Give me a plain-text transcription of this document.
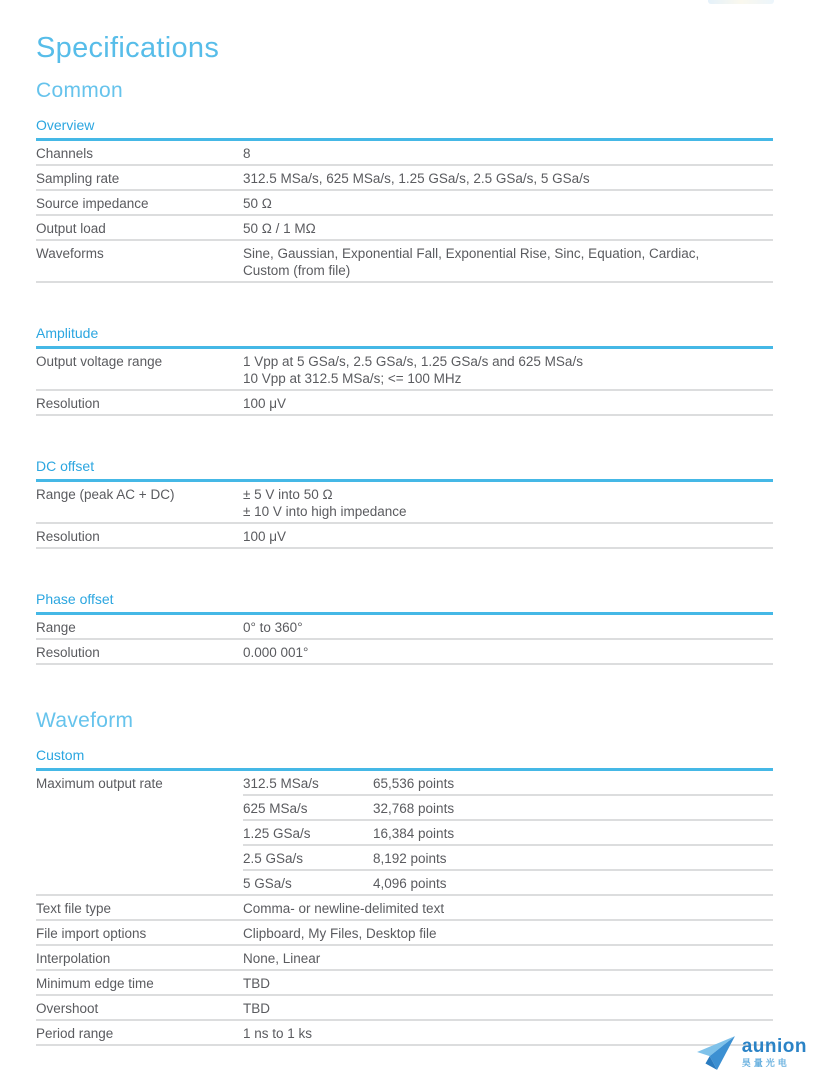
Specifications
Common
Overview
Channels	8
Sampling rate	312.5 MSa/s, 625 MSa/s, 1.25 GSa/s, 2.5 GSa/s, 5 GSa/s
Source impedance	50 Ω
Output load	50 Ω / 1 MΩ
Waveforms	Sine, Gaussian, Exponential Fall, Exponential Rise, Sinc, Equation, Cardiac,
Custom (from file)
Amplitude
Output voltage range	1 Vpp at 5 GSa/s, 2.5 GSa/s, 1.25 GSa/s and 625 MSa/s
10 Vpp at 312.5 MSa/s; <= 100 MHz
Resolution	100 μV
DC offset
Range (peak AC + DC)	± 5 V into 50 Ω
± 10 V into high impedance
Resolution	100 μV
Phase offset
Range	0° to 360°
Resolution	0.000 001°
Waveform
Custom
Maximum output rate	312.5 MSa/s	65,536 points
625 MSa/s	32,768 points
1.25 GSa/s	16,384 points
2.5 GSa/s	8,192 points
5 GSa/s	4,096 points
Text file type	Comma- or newline-delimited text
File import options	Clipboard, My Files, Desktop file
Interpolation	None, Linear
Minimum edge time	TBD
Overshoot	TBD
Period range	1 ns to 1 ks
aunion
昊量光电
